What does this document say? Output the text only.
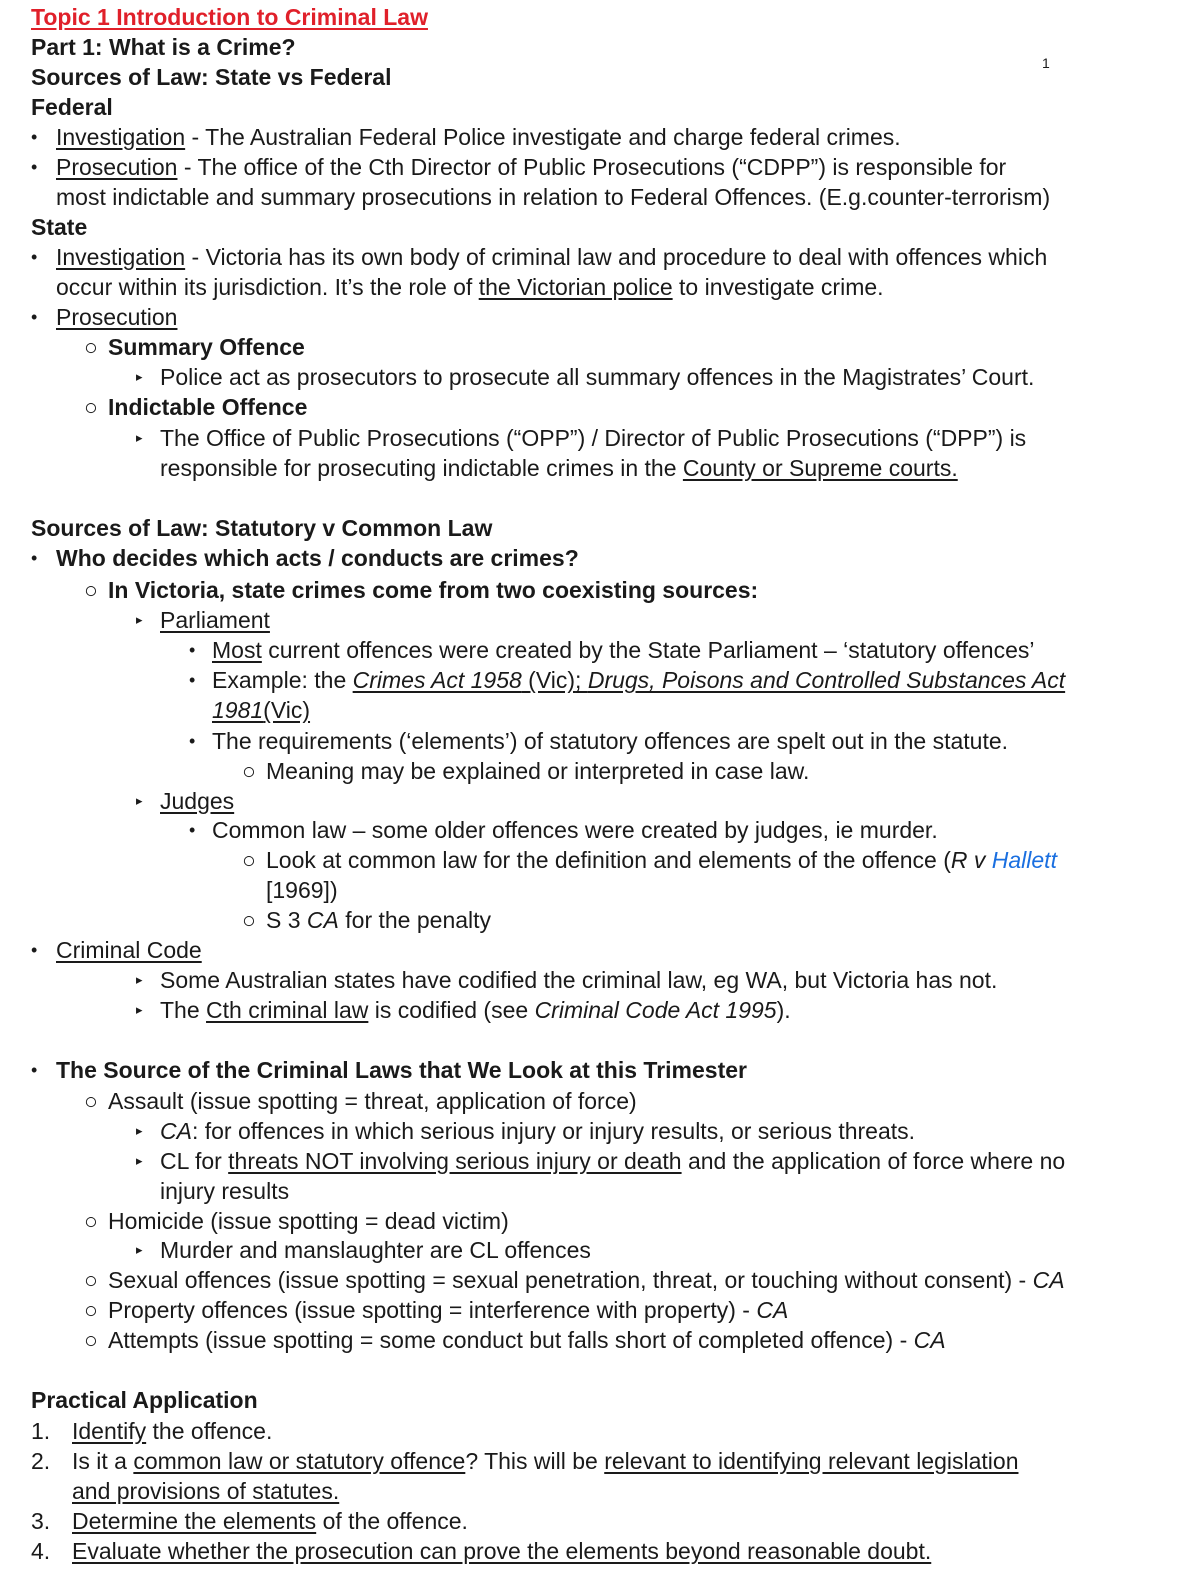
1
Topic 1 Introduction to Criminal Law
Part 1: What is a Crime?
Sources of Law: State vs Federal
Federal
• Investigation - The Australian Federal Police investigate and charge federal crimes.
• Prosecution - The office of the Cth Director of Public Prosecutions (“CDPP”) is responsible for
most indictable and summary prosecutions in relation to Federal Offences. (E.g.counter-terrorism)
State
• Investigation - Victoria has its own body of criminal law and procedure to deal with offences which
occur within its jurisdiction. It’s the role of the Victorian police to investigate crime.
• Prosecution
○ Summary Offence
▸ Police act as prosecutors to prosecute all summary offences in the Magistrates’ Court.
○ Indictable Offence
▸ The Office of Public Prosecutions (“OPP”) / Director of Public Prosecutions (“DPP”) is
responsible for prosecuting indictable crimes in the County or Supreme courts.
Sources of Law: Statutory v Common Law
• Who decides which acts / conducts are crimes?
○ In Victoria, state crimes come from two coexisting sources:
▸ Parliament
• Most current offences were created by the State Parliament – ‘statutory offences’
• Example: the Crimes Act 1958 (Vic); Drugs, Poisons and Controlled Substances Act
1981(Vic)
• The requirements (‘elements’) of statutory offences are spelt out in the statute.
○ Meaning may be explained or interpreted in case law.
▸ Judges
• Common law – some older offences were created by judges, ie murder.
○ Look at common law for the definition and elements of the offence (R v Hallett
[1969])
○ S 3 CA for the penalty
• Criminal Code
▸ Some Australian states have codified the criminal law, eg WA, but Victoria has not.
▸ The Cth criminal law is codified (see Criminal Code Act 1995).
• The Source of the Criminal Laws that We Look at this Trimester
○ Assault (issue spotting = threat, application of force)
▸ CA: for offences in which serious injury or injury results, or serious threats.
▸ CL for threats NOT involving serious injury or death and the application of force where no
injury results
○ Homicide (issue spotting = dead victim)
▸ Murder and manslaughter are CL offences
○ Sexual offences (issue spotting = sexual penetration, threat, or touching without consent) - CA
○ Property offences (issue spotting = interference with property) - CA
○ Attempts (issue spotting = some conduct but falls short of completed offence) - CA
Practical Application
1. Identify the offence.
2. Is it a common law or statutory offence? This will be relevant to identifying relevant legislation
and provisions of statutes.
3. Determine the elements of the offence.
4. Evaluate whether the prosecution can prove the elements beyond reasonable doubt.
